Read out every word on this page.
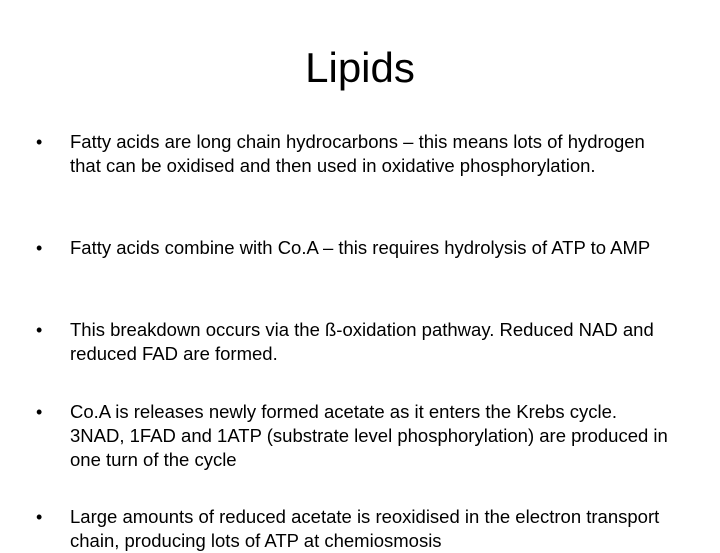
Lipids
• Fatty acids are long chain hydrocarbons – this means lots of hydrogen that can be oxidised and then used in oxidative phosphorylation.
• Fatty acids combine with Co.A – this requires hydrolysis of ATP to AMP
• This breakdown occurs via the ß-oxidation pathway. Reduced NAD and reduced FAD are formed.
• Co.A is releases newly formed acetate as it enters the Krebs cycle. 3NAD, 1FAD and 1ATP (substrate level phosphorylation) are produced in one turn of the cycle
• Large amounts of reduced acetate is reoxidised in the electron transport chain, producing lots of ATP at chemiosmosis
